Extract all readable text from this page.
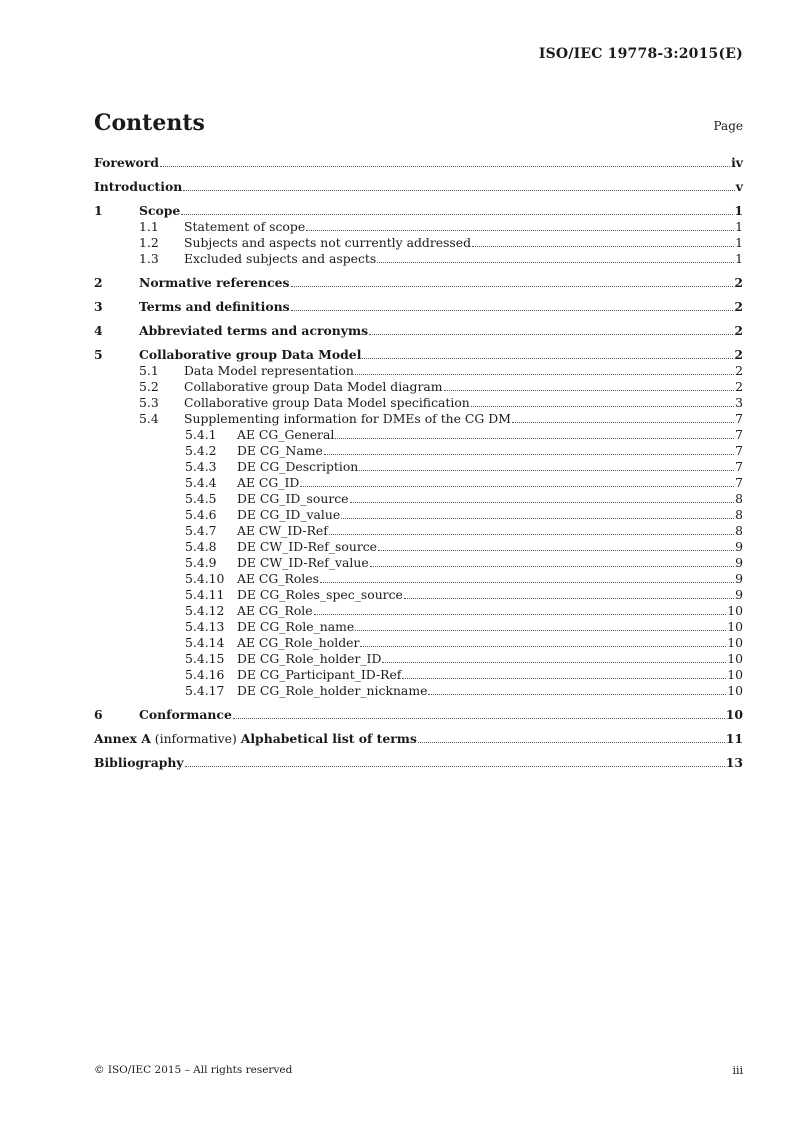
ISO/IEC 19778-3:2015(E)
Contents	Page
Foreword	iv
Introduction	v
1	Scope	1
1.1	Statement of scope	1
1.2	Subjects and aspects not currently addressed	1
1.3	Excluded subjects and aspects	1
2	Normative references	2
3	Terms and definitions	2
4	Abbreviated terms and acronyms	2
5	Collaborative group Data Model	2
5.1	Data Model representation	2
5.2	Collaborative group Data Model diagram	2
5.3	Collaborative group Data Model specification	3
5.4	Supplementing information for DMEs of the CG DM	7
5.4.1	AE CG_General	7
5.4.2	DE CG_Name	7
5.4.3	DE CG_Description	7
5.4.4	AE CG_ID	7
5.4.5	DE CG_ID_source	8
5.4.6	DE CG_ID_value	8
5.4.7	AE CW_ID-Ref	8
5.4.8	DE CW_ID-Ref_source	9
5.4.9	DE CW_ID-Ref_value	9
5.4.10	AE CG_Roles	9
5.4.11	DE CG_Roles_spec_source	9
5.4.12	AE CG_Role	10
5.4.13	DE CG_Role_name	10
5.4.14	AE CG_Role_holder	10
5.4.15	DE CG_Role_holder_ID	10
5.4.16	DE CG_Participant_ID-Ref	10
5.4.17	DE CG_Role_holder_nickname	10
6	Conformance	10
Annex A (informative) Alphabetical list of terms	11
Bibliography	13
© ISO/IEC 2015 – All rights reserved	iii
